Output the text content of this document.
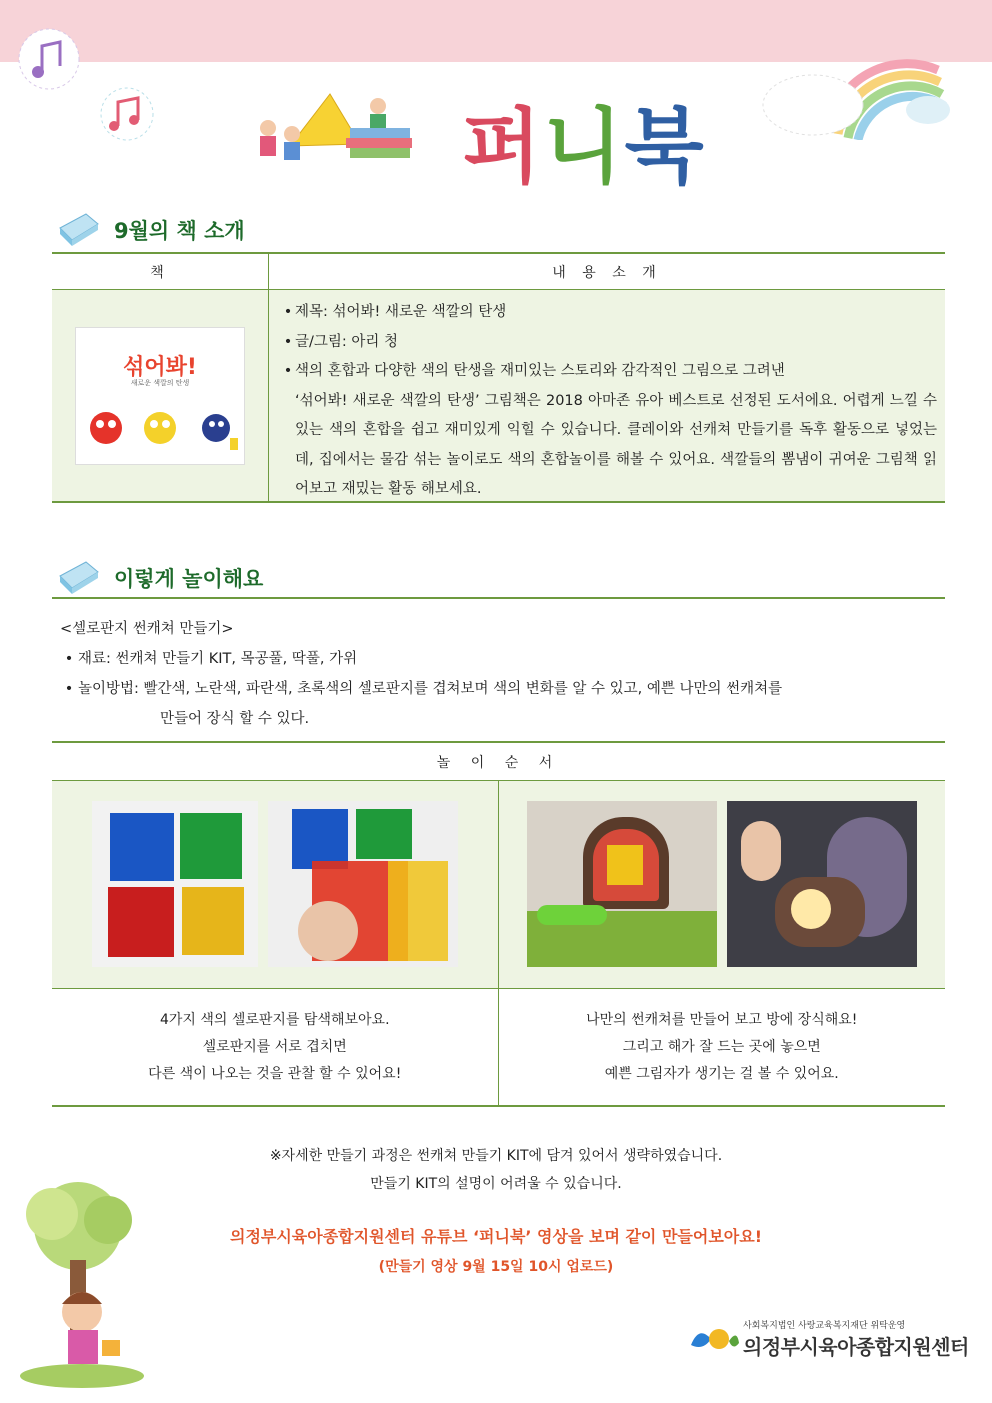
퍼니북
9월의 책 소개
책	내 용 소 개
섞어봐!
새로운 색깔의 탄생
• 제목: 섞어봐! 새로운 색깔의 탄생
• 글/그림: 아리 청
• 색의 혼합과 다양한 색의 탄생을 재미있는 스토리와 감각적인 그림으로 그려낸
‘섞어봐! 새로운 색깔의 탄생’ 그림책은 2018 아마존 유아 베스트로 선정된 도서에요. 어렵게 느낄 수 있는 색의 혼합을 쉽고 재미있게 익힐 수 있습니다. 클레이와 선캐쳐 만들기를 독후 활동으로 넣었는데, 집에서는 물감 섞는 놀이로도 색의 혼합놀이를 해볼 수 있어요. 색깔들의 뽐냄이 귀여운 그림책 읽어보고 재밌는 활동 해보세요.
이렇게 놀이해요
<셀로판지 썬캐쳐 만들기>
• 재료: 썬캐쳐 만들기 KIT, 목공풀, 딱풀, 가위
• 놀이방법: 빨간색, 노란색, 파란색, 초록색의 셀로판지를 겹쳐보며 색의 변화를 알 수 있고, 예쁜 나만의 썬캐쳐를
만들어 장식 할 수 있다.
놀 이 순 서
4가지 색의 셀로판지를 탐색해보아요.
셀로판지를 서로 겹치면
다른 색이 나오는 것을 관찰 할 수 있어요!
나만의 썬캐쳐를 만들어 보고 방에 장식해요!
그리고 해가 잘 드는 곳에 놓으면
예쁜 그림자가 생기는 걸 볼 수 있어요.
※자세한 만들기 과정은 썬캐쳐 만들기 KIT에 담겨 있어서 생략하였습니다.
만들기 KIT의 설명이 어려울 수 있습니다.
의정부시육아종합지원센터 유튜브 ‘퍼니북’ 영상을 보며 같이 만들어보아요!
(만들기 영상 9월 15일 10시 업로드)
사회복지법인 사랑교육복지재단 위탁운영
의정부시육아종합지원센터
